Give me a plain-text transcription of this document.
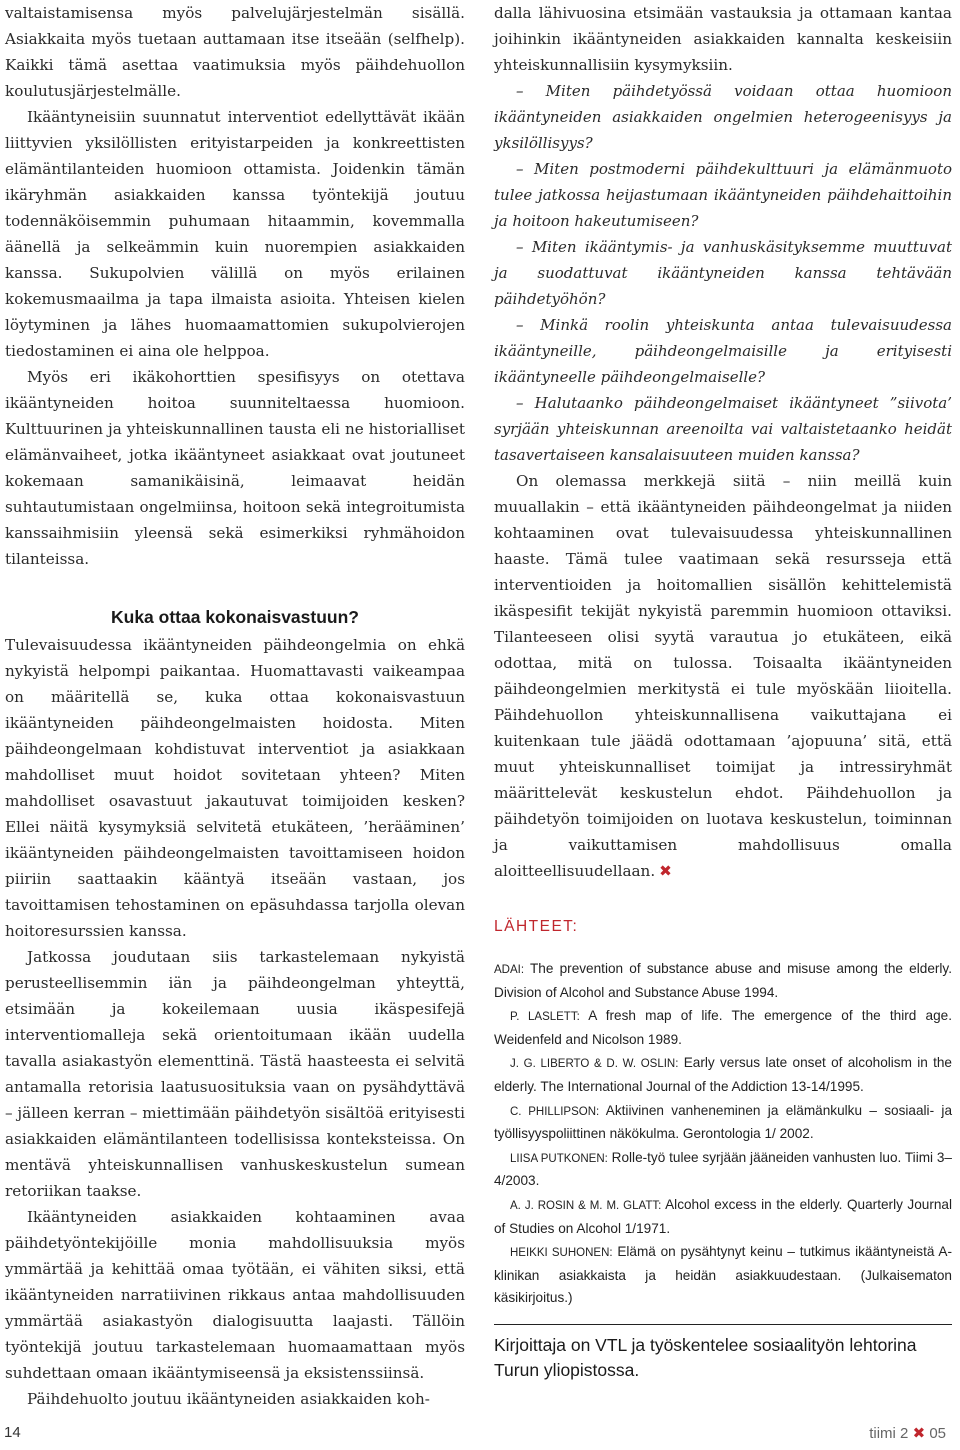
valtaistamisensa myös palvelujärjestelmän sisällä. Asiakkaita myös tuetaan auttamaan itse itseään (selfhelp). Kaikki tämä asettaa vaatimuksia myös päihdehuollon koulutusjärjestelmälle.

Ikääntyneisiin suunnatut interventiot edellyttävät ikään liittyvien yksilöllisten erityistarpeiden ja konkreettisten elämäntilanteiden huomioon ottamista. Joidenkin tämän ikäryhmän asiakkaiden kanssa työntekijä joutuu todennäköisemmin puhumaan hitaammin, kovemmalla äänellä ja selkeämmin kuin nuorempien asiakkaiden kanssa. Sukupolvien välillä on myös erilainen kokemusmaailma ja tapa ilmaista asioita. Yhteisen kielen löytyminen ja lähes huomaamattomien sukupolvierojen tiedostaminen ei aina ole helppoa.

Myös eri ikäkohorttien spesifisyys on otettava ikääntyneiden hoitoa suunniteltaessa huomioon. Kulttuurinen ja yhteiskunnallinen tausta eli ne historialliset elämänvaiheet, jotka ikääntyneet asiakkaat ovat joutuneet kokemaan samanikäisinä, leimaavat heidän suhtautumistaan ongelmiinsa, hoitoon sekä integroitumista kanssaihmisiin yleensä sekä esimerkiksi ryhmähoidon tilanteissa.

Kuka ottaa kokonaisvastuun?

Tulevaisuudessa ikääntyneiden päihdeongelmia on ehkä nykyistä helpompi paikantaa. Huomattavasti vaikeampaa on määritellä se, kuka ottaa kokonaisvastuun ikääntyneiden päihdeongelmaisten hoidosta. Miten päihdeongelmaan kohdistuvat interventiot ja asiakkaan mahdolliset muut hoidot sovitetaan yhteen? Miten mahdolliset osavastuut jakautuvat toimijoiden kesken? Ellei näitä kysymyksiä selvitetä etukäteen, ’herääminen’ ikääntyneiden päihdeongelmaisten tavoittamiseen hoidon piiriin saattaakin kääntyä itseään vastaan, jos tavoittamisen tehostaminen on epäsuhdassa tarjolla olevan hoitoresurssien kanssa.

Jatkossa joudutaan siis tarkastelemaan nykyistä perusteellisemmin iän ja päihdeongelman yhteyttä, etsimään ja kokeilemaan uusia ikäspesifejä interventiomalleja sekä orientoitumaan ikään uudella tavalla asiakastyön elementtinä. Tästä haasteesta ei selvitä antamalla retorisia laatusuosituksia vaan on pysähdyttävä – jälleen kerran – miettimään päihdetyön sisältöä erityisesti asiakkaiden elämäntilanteen todellisissa konteksteissa. On mentävä yhteiskunnallisen vanhuskeskustelun sumean retoriikan taakse.

Ikääntyneiden asiakkaiden kohtaaminen avaa päihdetyöntekijöille monia mahdollisuuksia myös ymmärtää ja kehittää omaa työtään, ei vähiten siksi, että ikääntyneiden narratiivinen rikkaus antaa mahdollisuuden ymmärtää asiakastyön dialogisuutta laajasti. Tällöin työntekijä joutuu tarkastelemaan huomaamattaan myös suhdettaan omaan ikääntymiseensä ja eksistenssiinsä.

Päihdehuolto joutuu ikääntyneiden asiakkaiden koh-

dalla lähivuosina etsimään vastauksia ja ottamaan kantaa joihinkin ikääntyneiden asiakkaiden kannalta keskeisiin yhteiskunnallisiin kysymyksiin.

– Miten päihdetyössä voidaan ottaa huomioon ikääntyneiden asiakkaiden ongelmien heterogeenisyys ja yksilöllisyys?

– Miten postmoderni päihdekulttuuri ja elämänmuoto tulee jatkossa heijastumaan ikääntyneiden päihdehaittoihin ja hoitoon hakeutumiseen?

– Miten ikääntymis- ja vanhuskäsityksemme muuttuvat ja suodattuvat ikääntyneiden kanssa tehtävään päihdetyöhön?

– Minkä roolin yhteiskunta antaa tulevaisuudessa ikääntyneille, päihdeongelmaisille ja erityisesti ikääntyneelle päihdeongelmaiselle?

– Halutaanko päihdeongelmaiset ikääntyneet ”siivota’ syrjään yhteiskunnan areenoilta vai valtaistetaanko heidät tasavertaiseen kansalaisuuteen muiden kanssa?

On olemassa merkkejä siitä – niin meillä kuin muuallakin – että ikääntyneiden päihdeongelmat ja niiden kohtaaminen ovat tulevaisuudessa yhteiskunnallinen haaste. Tämä tulee vaatimaan sekä resursseja että interventioiden ja hoitomallien sisällön kehittelemistä ikäspesifit tekijät nykyistä paremmin huomioon ottaviksi. Tilanteeseen olisi syytä varautua jo etukäteen, eikä odottaa, mitä on tulossa. Toisaalta ikääntyneiden päihdeongelmien merkitystä ei tule myöskään liioitella. Päihdehuollon yhteiskunnallisena vaikuttajana ei kuitenkaan tule jäädä odottamaan ’ajopuuna’ sitä, että muut yhteiskunnalliset toimijat ja intressiryhmät määrittelevät keskustelun ehdot. Päihdehuollon ja päihdetyön toimijoiden on luotava keskustelun, toiminnan ja vaikuttamisen mahdollisuus omalla aloitteellisuudellaan. ✖

LÄHTEET:

ADAI: The prevention of substance abuse and misuse among the elderly. Division of Alcohol and Substance Abuse 1994.

P. LASLETT: A fresh map of life. The emergence of the third age. Weidenfeld and Nicolson 1989.

J. G. LIBERTO & D. W. OSLIN: Early versus late onset of alcoholism in the elderly. The International Journal of the Addiction 13-14/1995.

C. PHILLIPSON: Aktiivinen vanheneminen ja elämänkulku – sosiaali- ja työllisyyspoliittinen näkökulma. Gerontologia 1/ 2002.

LIISA PUTKONEN: Rolle-työ tulee syrjään jääneiden vanhusten luo. Tiimi 3–4/2003.

A. J. ROSIN & M. M. GLATT: Alcohol excess in the elderly. Quarterly Journal of Studies on Alcohol 1/1971.

HEIKKI SUHONEN: Elämä on pysähtynyt keinu – tutkimus ikääntyneistä A-klinikan asiakkaista ja heidän asiakkuudestaan. (Julkaisematon käsikirjoitus.)

Kirjoittaja on VTL ja työskentelee sosiaalityön lehtorina Turun yliopistossa.

14	tiimi 2 ✖ 05
